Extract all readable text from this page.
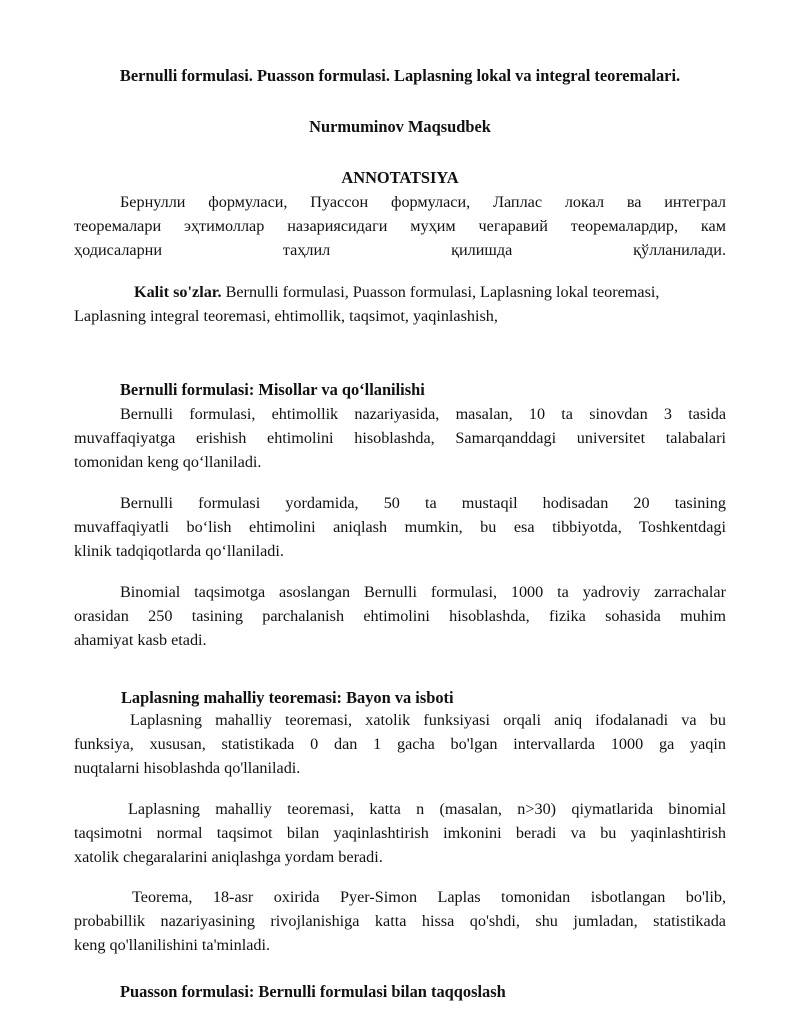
Bernulli formulasi. Puasson formulasi. Laplasning lokal va integral teoremalari.
Nurmuminov Maqsudbek
ANNOTATSIYA
Бернулли формуласи, Пуассон формуласи, Лаплас локал ва интеграл
теоремалари эҳтимоллар назариясидаги муҳим чегаравий теоремалардир, кам
ҳодисаларни таҳлил қилишда қўлланилади.
Kalit so'zlar. Bernulli formulasi, Puasson formulasi, Laplasning lokal teoremasi,
Laplasning integral teoremasi, ehtimollik, taqsimot, yaqinlashish,
Bernulli formulasi: Misollar va qo‘llanilishi
Bernulli formulasi, ehtimollik nazariyasida, masalan, 10 ta sinovdan 3 tasida
muvaffaqiyatga erishish ehtimolini hisoblashda, Samarqanddagi universitet talabalari
tomonidan keng qo‘llaniladi.
Bernulli formulasi yordamida, 50 ta mustaqil hodisadan 20 tasining
muvaffaqiyatli bo‘lish ehtimolini aniqlash mumkin, bu esa tibbiyotda, Toshkentdagi
klinik tadqiqotlarda qo‘llaniladi.
Binomial taqsimotga asoslangan Bernulli formulasi, 1000 ta yadroviy zarrachalar
orasidan 250 tasining parchalanish ehtimolini hisoblashda, fizika sohasida muhim
ahamiyat kasb etadi.
Laplasning mahalliy teoremasi: Bayon va isboti
Laplasning mahalliy teoremasi, xatolik funksiyasi orqali aniq ifodalanadi va bu
funksiya, xususan, statistikada 0 dan 1 gacha bo'lgan intervallarda 1000 ga yaqin
nuqtalarni hisoblashda qo'llaniladi.
Laplasning mahalliy teoremasi, katta n (masalan, n>30) qiymatlarida binomial
taqsimotni normal taqsimot bilan yaqinlashtirish imkonini beradi va bu yaqinlashtirish
xatolik chegaralarini aniqlashga yordam beradi.
Teorema, 18-asr oxirida Pyer-Simon Laplas tomonidan isbotlangan bo'lib,
probabillik nazariyasining rivojlanishiga katta hissa qo'shdi, shu jumladan, statistikada
keng qo'llanilishini ta'minladi.
Puasson formulasi: Bernulli formulasi bilan taqqoslash
